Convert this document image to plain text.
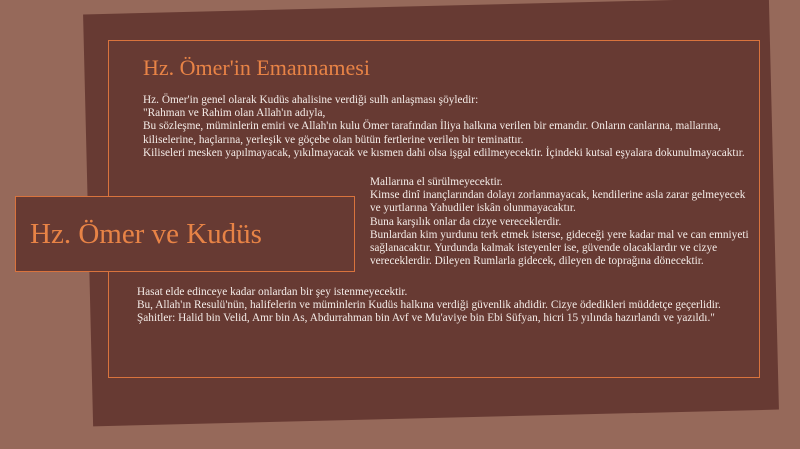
Hz. Ömer'in Emannamesi

Hz. Ömer'in genel olarak Kudüs ahalisine verdiği sulh anlaşması şöyledir:

"Rahman ve Rahim olan Allah'ın adıyla,

Bu sözleşme, müminlerin emiri ve Allah'ın kulu Ömer tarafından İliya halkına verilen bir emandır. Onların canlarına, mallarına, kiliselerine, haçlarına, yerleşik ve göçebe olan bütün fertlerine verilen bir teminattır.

Kiliseleri mesken yapılmayacak, yıkılmayacak ve kısmen dahi olsa işgal edilmeyecektir. İçindeki kutsal eşyalara dokunulmayacaktır.

Mallarına el sürülmeyecektir.

Kimse dinî inançlarından dolayı zorlanmayacak, kendilerine asla zarar gelmeyecek ve yurtlarına Yahudiler iskân olunmayacaktır.

Buna karşılık onlar da cizye vereceklerdir.

Bunlardan kim yurdunu terk etmek isterse, gideceği yere kadar mal ve can emniyeti sağlanacaktır. Yurdunda kalmak isteyenler ise, güvende olacaklardır ve cizye vereceklerdir. Dileyen Rumlarla gidecek, dileyen de toprağına dönecektir.

Hasat elde edinceye kadar onlardan bir şey istenmeyecektir.

Bu, Allah'ın Resulü'nün, halifelerin ve müminlerin Kudüs halkına verdiği güvenlik ahdidir. Cizye ödedikleri müddetçe geçerlidir.

Şahitler: Halid bin Velid, Amr bin As, Abdurrahman bin Avf ve Mu'aviye bin Ebi Süfyan, hicri 15 yılında hazırlandı ve yazıldı."

Hz. Ömer ve Kudüs
